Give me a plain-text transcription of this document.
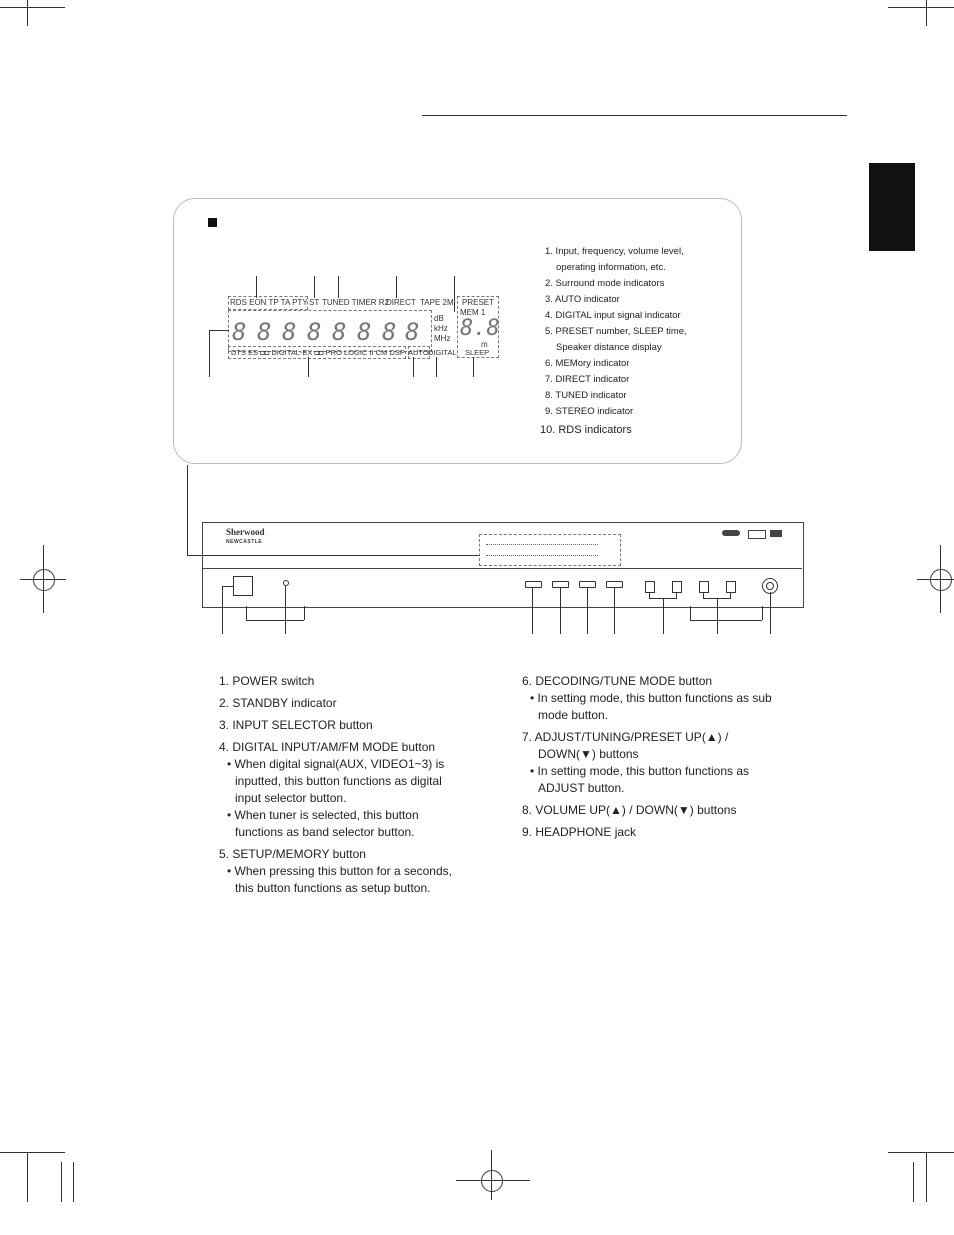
1. Input, frequency, volume level,
operating information, etc.
2. Surround mode indicators
3. AUTO indicator
4. DIGITAL input signal indicator
5. PRESET number, SLEEP time,
Speaker distance display
6. MEMory indicator
7. DIRECT indicator
8. TUNED indicator
9. STEREO indicator
10. RDS indicators
RDS EON TP TA PTY ST TUNED TIMER R2
DIRECT TAPE 2M PRESET
MEM 1
8.8
m
8 8 8 8 8 8 8 8	dB
kHz
MHz
DTS ES ◘◘ DIGITAL-EX ◘◘ PRO LOGIC II CM DSP AUTO DIGITAL SLEEP
Sherwood
NEWCASTLE
1. POWER switch
2. STANDBY indicator
3. INPUT SELECTOR button
4. DIGITAL INPUT/AM/FM MODE button
• When digital signal(AUX, VIDEO1~3) is
inputted, this button functions as digital
input selector button.
• When tuner is selected, this button
functions as band selector button.
5. SETUP/MEMORY button
• When pressing this button for a seconds,
this button functions as setup button.
6. DECODING/TUNE MODE button
• In setting mode, this button functions as sub
mode button.
7. ADJUST/TUNING/PRESET UP(▲) /
DOWN(▼) buttons
• In setting mode, this button functions as
ADJUST button.
8. VOLUME UP(▲) / DOWN(▼) buttons
9. HEADPHONE jack
